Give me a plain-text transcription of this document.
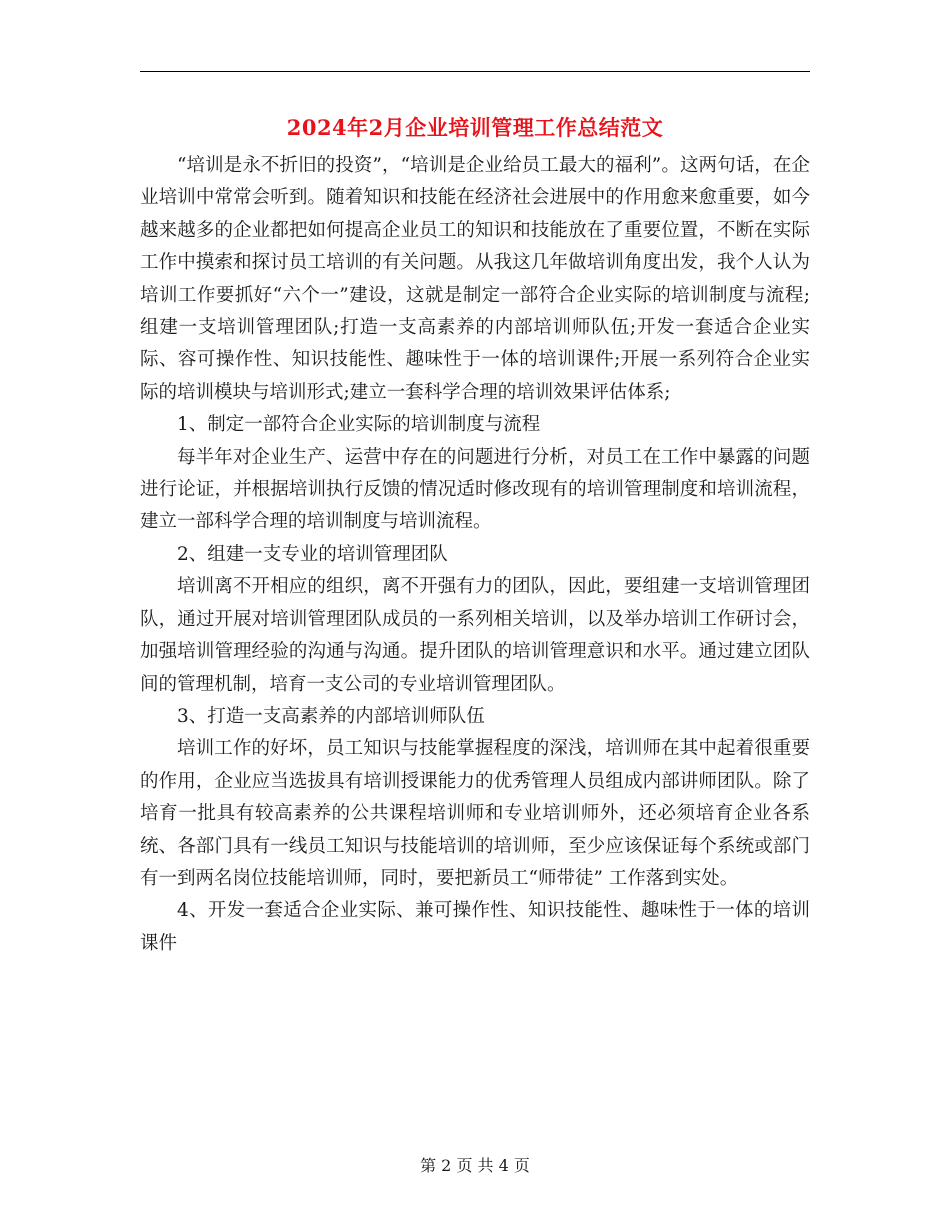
2024年2月企业培训管理工作总结范文

“培训是永不折旧的投资”，“培训是企业给员工最大的福利”。这两句话，在企业培训中常常会听到。随着知识和技能在经济社会进展中的作用愈来愈重要，如今越来越多的企业都把如何提高企业员工的知识和技能放在了重要位置，不断在实际工作中摸索和探讨员工培训的有关问题。从我这几年做培训角度出发，我个人认为培训工作要抓好“六个一”建设，这就是制定一部符合企业实际的培训制度与流程;组建一支培训管理团队;打造一支高素养的内部培训师队伍;开发一套适合企业实际、容可操作性、知识技能性、趣味性于一体的培训课件;开展一系列符合企业实际的培训模块与培训形式;建立一套科学合理的培训效果评估体系;

1、制定一部符合企业实际的培训制度与流程

每半年对企业生产、运营中存在的问题进行分析，对员工在工作中暴露的问题进行论证，并根据培训执行反馈的情况适时修改现有的培训管理制度和培训流程，建立一部科学合理的培训制度与培训流程。

2、组建一支专业的培训管理团队

培训离不开相应的组织，离不开强有力的团队，因此，要组建一支培训管理团队，通过开展对培训管理团队成员的一系列相关培训，以及举办培训工作研讨会，加强培训管理经验的沟通与沟通。提升团队的培训管理意识和水平。通过建立团队间的管理机制，培育一支公司的专业培训管理团队。

3、打造一支高素养的内部培训师队伍

培训工作的好坏，员工知识与技能掌握程度的深浅，培训师在其中起着很重要的作用，企业应当选拔具有培训授课能力的优秀管理人员组成内部讲师团队。除了培育一批具有较高素养的公共课程培训师和专业培训师外，还必须培育企业各系统、各部门具有一线员工知识与技能培训的培训师，至少应该保证每个系统或部门有一到两名岗位技能培训师，同时，要把新员工“师带徒” 工作落到实处。

4、开发一套适合企业实际、兼可操作性、知识技能性、趣味性于一体的培训课件

第 2 页 共 4 页
